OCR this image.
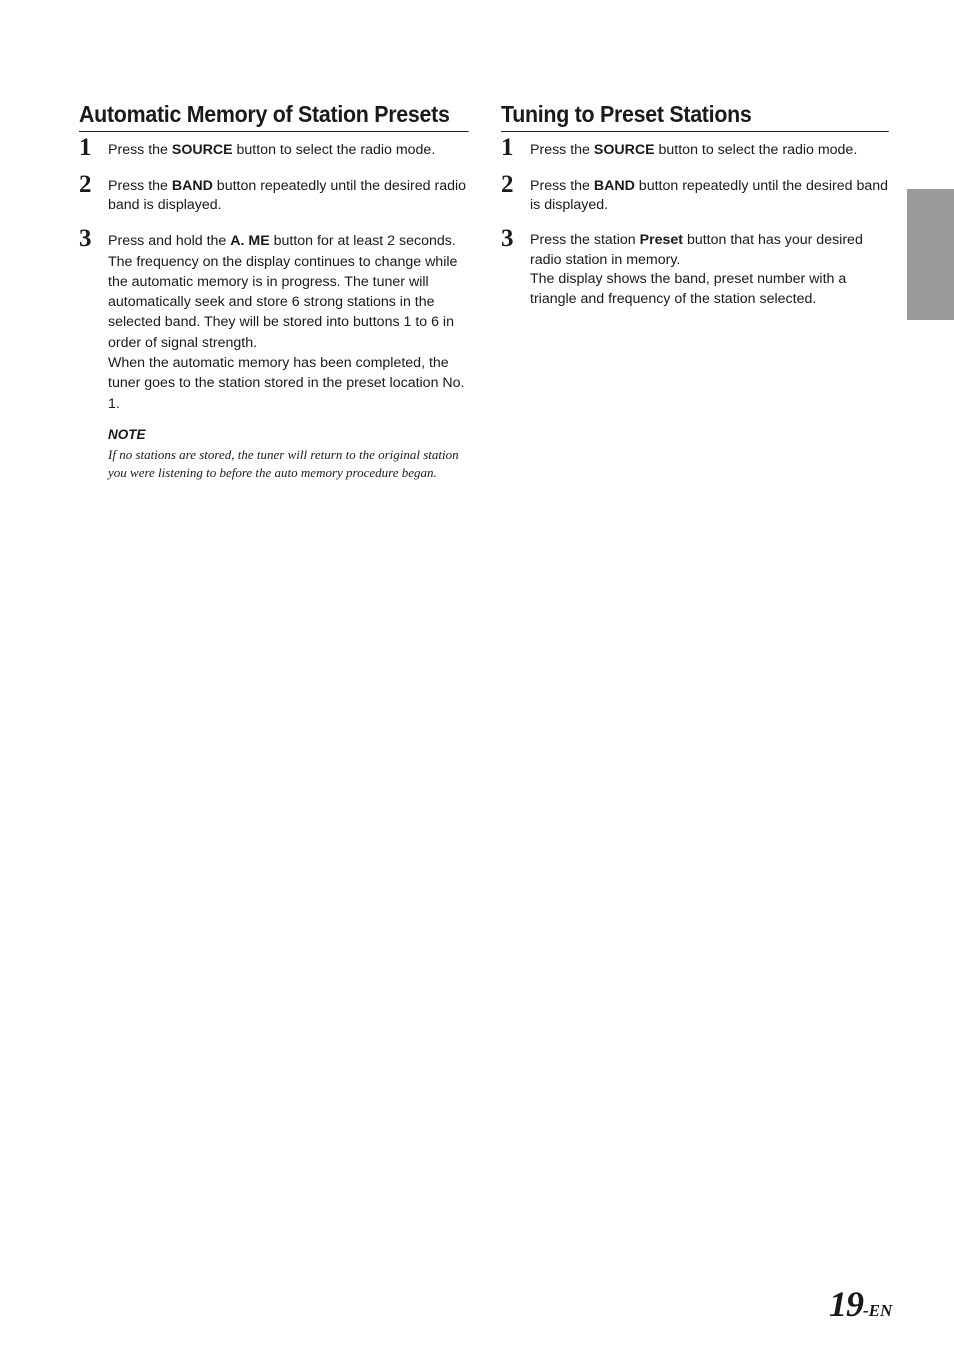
Automatic Memory of Station Presets
1 Press the SOURCE button to select the radio mode.

2 Press the BAND button repeatedly until the desired radio band is displayed.

3 Press and hold the A. ME button for at least 2 seconds. The frequency on the display continues to change while the automatic memory is in progress. The tuner will automatically seek and store 6 strong stations in the selected band. They will be stored into buttons 1 to 6 in order of signal strength.

When the automatic memory has been completed, the tuner goes to the station stored in the preset location No. 1.

NOTE
If no stations are stored, the tuner will return to the original station you were listening to before the auto memory procedure began.
Tuning to Preset Stations
1 Press the SOURCE button to select the radio mode.

2 Press the BAND button repeatedly until the desired band is displayed.

3 Press the station Preset button that has your desired radio station in memory.

The display shows the band, preset number with a triangle and frequency of the station selected.

19-EN
